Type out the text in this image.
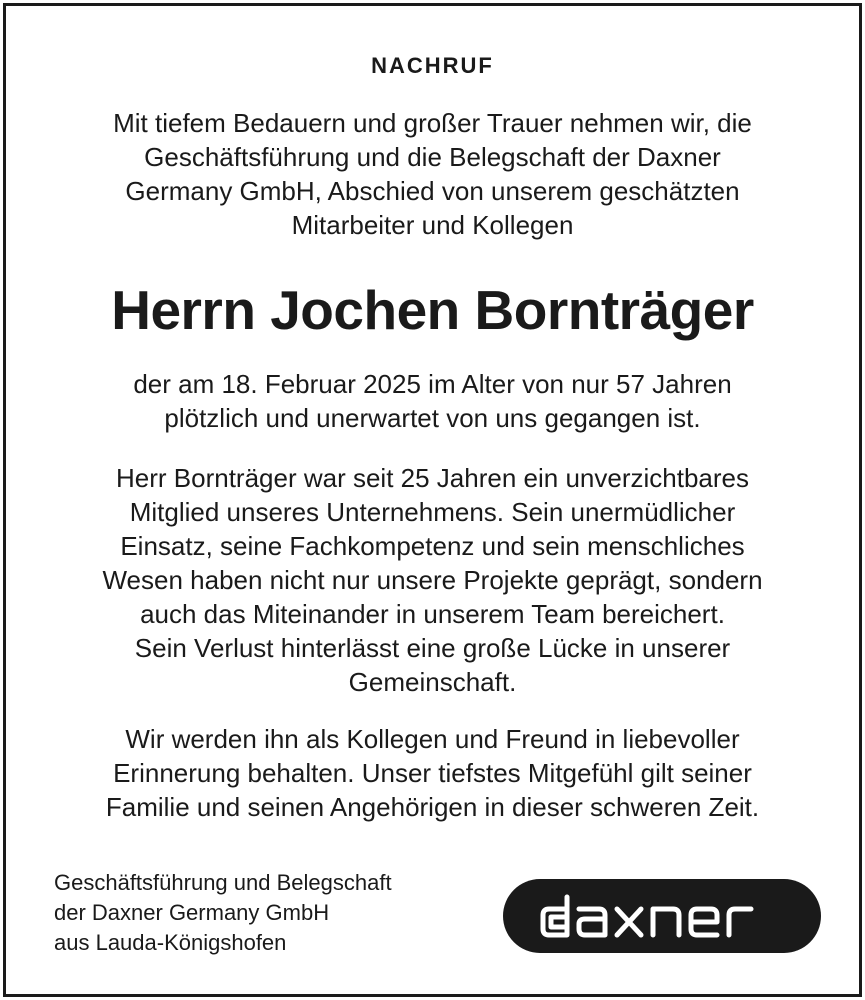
NACHRUF
Mit tiefem Bedauern und großer Trauer nehmen wir, die
Geschäftsführung und die Belegschaft der Daxner
Germany GmbH, Abschied von unserem geschätzten
Mitarbeiter und Kollegen
Herrn Jochen Bornträger
der am 18. Februar 2025 im Alter von nur 57 Jahren
plötzlich und unerwartet von uns gegangen ist.
Herr Bornträger war seit 25 Jahren ein unverzichtbares
Mitglied unseres Unternehmens. Sein unermüdlicher
Einsatz, seine Fachkompetenz und sein menschliches
Wesen haben nicht nur unsere Projekte geprägt, sondern
auch das Miteinander in unserem Team bereichert.
Sein Verlust hinterlässt eine große Lücke in unserer
Gemeinschaft.
Wir werden ihn als Kollegen und Freund in liebevoller
Erinnerung behalten. Unser tiefstes Mitgefühl gilt seiner
Familie und seinen Angehörigen in dieser schweren Zeit.
Geschäftsführung und Belegschaft
der Daxner Germany GmbH
aus Lauda-Königshofen
